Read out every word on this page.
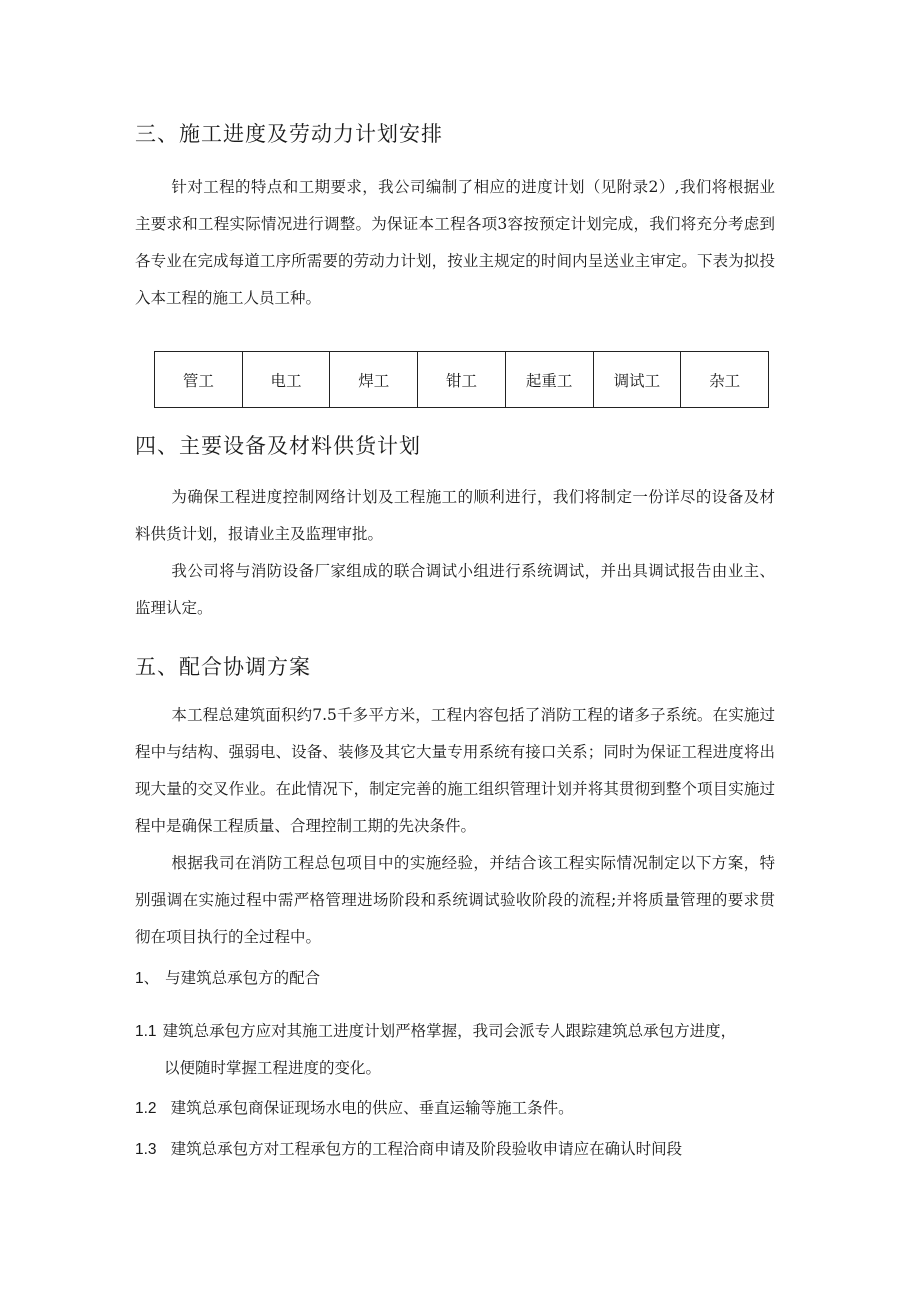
三、施工进度及劳动力计划安排

针对工程的特点和工期要求，我公司编制了相应的进度计划（见附录2）,我们将根据业主要求和工程实际情况进行调整。为保证本工程各项3容按预定计划完成，我们将充分考虑到各专业在完成每道工序所需要的劳动力计划，按业主规定的时间内呈送业主审定。下表为拟投入本工程的施工人员工种。

管工	电工	焊工	钳工	起重工	调试工	杂工
四、主要设备及材料供货计划

为确保工程进度控制网络计划及工程施工的顺利进行，我们将制定一份详尽的设备及材料供货计划，报请业主及监理审批。

我公司将与消防设备厂家组成的联合调试小组进行系统调试，并出具调试报告由业主、监理认定。

五、配合协调方案

本工程总建筑面积约7.5千多平方米，工程内容包括了消防工程的诸多子系统。在实施过程中与结构、强弱电、设备、装修及其它大量专用系统有接口关系；同时为保证工程进度将出现大量的交叉作业。在此情况下，制定完善的施工组织管理计划并将其贯彻到整个项目实施过程中是确保工程质量、合理控制工期的先决条件。

根据我司在消防工程总包项目中的实施经验，并结合该工程实际情况制定以下方案，特别强调在实施过程中需严格管理进场阶段和系统调试验收阶段的流程;并将质量管理的要求贯彻在项目执行的全过程中。

1、 与建筑总承包方的配合
1.1 建筑总承包方应对其施工进度计划严格掌握，我司会派专人跟踪建筑总承包方进度，
以便随时掌握工程进度的变化。
1.2 建筑总承包商保证现场水电的供应、垂直运输等施工条件。
1.3 建筑总承包方对工程承包方的工程洽商申请及阶段验收申请应在确认时间段
